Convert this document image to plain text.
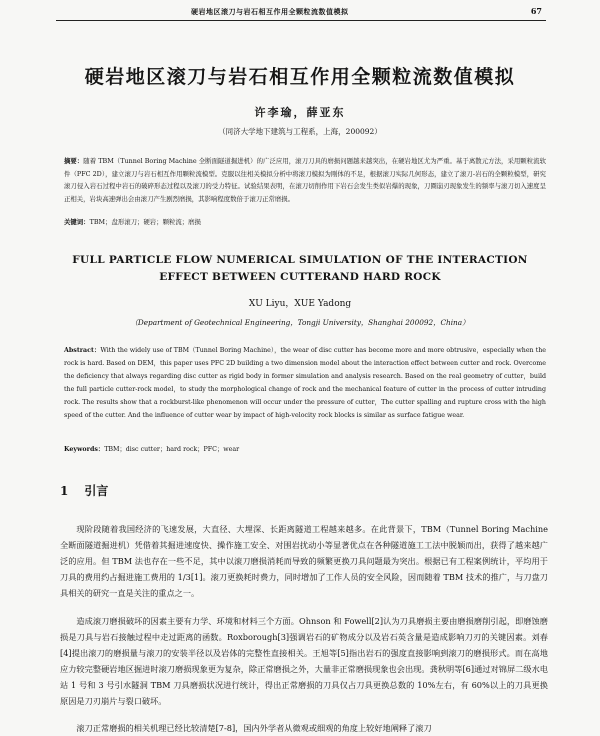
硬岩地区滚刀与岩石相互作用全颗粒流数值模拟	67
硬岩地区滚刀与岩石相互作用全颗粒流数值模拟
许李瑜，薛亚东
（同济大学地下建筑与工程系，上海，200092）
摘要：随着 TBM（Tunnel Boring Machine 全断面隧道掘进机）的广泛应用，滚刀刀具的磨损问题越来越突出，在硬岩地区尤为严重。基于离散元方法，采用颗粒流软件（PFC 2D），建立滚刀与岩石相互作用颗粒流模型。克服以往相关模拟分析中将滚刀模拟为刚体的不足，根据滚刀实际几何形态，建立了滚刀-岩石的全颗粒模型，研究滚刀侵入岩石过程中岩石的破碎形态过程以及滚刀的受力特征。试验结果表明，在滚刀切削作用下岩石会发生类似岩爆的现象，刀圈崩刃现象发生的频率与滚刀切入速度呈正相关，岩块高速弹出会由滚刀产生剧烈磨损，其影响程度数倍于滚刀正常磨损。
关键词：TBM；盘形滚刀；硬岩；颗粒流；磨损
FULL PARTICLE FLOW NUMERICAL SIMULATION OF THE INTERACTION
EFFECT BETWEEN CUTTERAND HARD ROCK
XU Liyu，XUE Yadong
（Department of Geotechnical Engineering，Tongji University，Shanghai 200092，China）
Abstract：With the widely use of TBM（Tunnel Boring Machine），the wear of disc cutter has become more and more obtrusive，especially when the rock is hard. Based on DEM，this paper uses PFC 2D building a two dimension model about the interaction effect between cutter and rock. Overcome the deficiency that always regarding disc cutter as rigid body in former simulation and analysis research. Based on the real geometry of cutter，build the full particle cutter-rock model，to study the morphological change of rock and the mechanical feature of cutter in the process of cutter intruding rock. The results show that a rockburst-like phenomenon will occur under the pressure of cutter，The cutter spalling and rupture cross with the high speed of the cutter. And the influence of cutter wear by impact of high-velocity rock blocks is similar as surface fatigue wear.
Keywords：TBM；disc cutter；hard rock；PFC；wear
1 引言

现阶段随着我国经济的飞速发展，大直径、大埋深、长距离隧道工程越来越多。在此背景下，TBM（Tunnel Boring Machine 全断面隧道掘进机）凭借着其掘进速度快、操作施工安全、对围岩扰动小等显著优点在各种隧道施工工法中脱颖而出，获得了越来越广泛的应用。但 TBM 法也存在一些不足，其中以滚刀磨损消耗而导致的频繁更换刀具问题最为突出。根据已有工程案例统计，平均用于刀具的费用约占掘进施工费用的 1/3[1]。滚刀更换耗时费力，同时增加了工作人员的安全风险，因而随着 TBM 技术的推广，与刀盘刀具相关的研究一直是关注的重点之一。

造成滚刀磨损破坏的因素主要有力学、环境和材料三个方面。Ohnson 和 Fowell[2]认为刀具磨损主要由磨损磨削引起，即磨蚀磨损是刀具与岩石接触过程中走过距离的函数。Roxborough[3]强调岩石的矿物成分以及岩石英含量是造成影响刀刃的关键因素。刘春[4]提出滚刀的磨损量与滚刀的安装半径以及岩体的完整性直接相关。王旭等[5]指出岩石的强度直接影响到滚刀的磨损形式。而在高地应力较完整硬岩地区掘进时滚刀磨损现象更为复杂，除正常磨损之外，大量非正常磨损现象也会出现。龚秋明等[6]通过对锦屏二级水电站 1 号和 3 号引水隧洞 TBM 刀具磨损状况进行统计，得出正常磨损的刀具仅占刀具更换总数的 10%左右，有 60%以上的刀具更换原因是刀刃崩片与裂口破坏。

滚刀正常磨损的相关机理已经比较清楚[7-8]，国内外学者从微观或细观的角度上较好地阐释了滚刀
